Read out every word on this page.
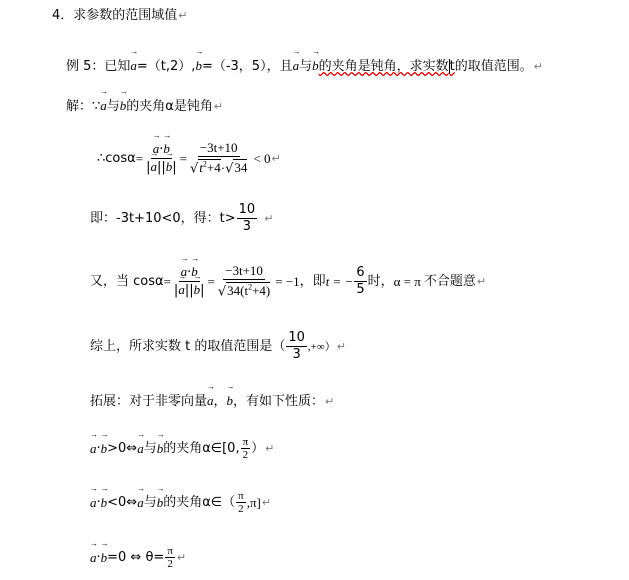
4．求参数的范围域值↵
例 5：已知→ a=（t,2）,→ b=（-3，5），且→ a与→ b的夹角是钝角，求实数t的取值范围。↵
解：∵→ a与→ b的夹角α是钝角↵
∴cosα = → $\frac{a\cdot\to b}{|\to a||\to b|} = \frac{-3t+10}{√t^2+4\cdot√34} < 0$ ↵
即：-3t+10<0，得：$t> \frac{10}{3}$ ↵
又，当 cosα = → $\frac{a\cdot\to b}{|\to a||\to b|} = \frac{-3t+10}{√34(t^2+4)} = -1$ ，即 t = − $\frac{6}{5}$ 时， α = π 不合题意 ↵
综上，所求实数 t 的取值范围是（ $\frac{10}{3}$ ,+∞） ↵
拓展：对于非零向量→ a，→ b，有如下性质：↵
→ a · → b >0⇔ → a 与 → b 的夹角α∈[0, $\frac{\pi}{2}$ ） ↵
→ a · → b <0⇔ → a 与 → b 的夹角α∈（ $\frac{\pi}{2} ,\pi$] ↵
→ a · → b =0 ⇔ $\theta= \frac{\pi}{2}$ ↵
